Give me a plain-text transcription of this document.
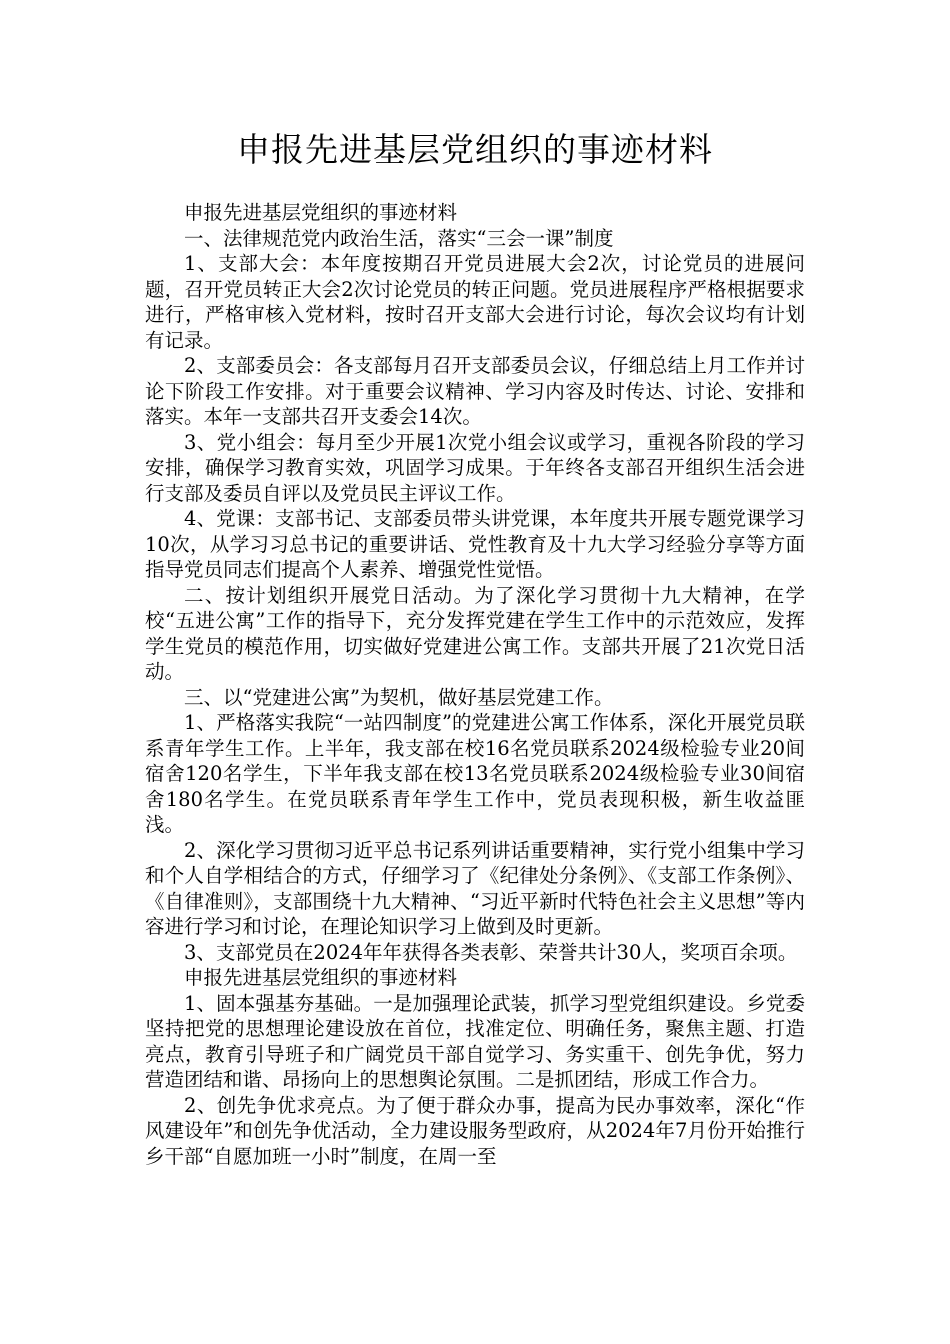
申报先进基层党组织的事迹材料

申报先进基层党组织的事迹材料

一、法律规范党内政治生活，落实“三会一课”制度

1、支部大会：本年度按期召开党员进展大会2次，讨论党员的进展问题，召开党员转正大会2次讨论党员的转正问题。党员进展程序严格根据要求进行，严格审核入党材料，按时召开支部大会进行讨论，每次会议均有计划有记录。

2、支部委员会：各支部每月召开支部委员会议，仔细总结上月工作并讨论下阶段工作安排。对于重要会议精神、学习内容及时传达、讨论、安排和落实。本年一支部共召开支委会14次。

3、党小组会：每月至少开展1次党小组会议或学习，重视各阶段的学习安排，确保学习教育实效，巩固学习成果。于年终各支部召开组织生活会进行支部及委员自评以及党员民主评议工作。

4、党课：支部书记、支部委员带头讲党课，本年度共开展专题党课学习10次，从学习习总书记的重要讲话、党性教育及十九大学习经验分享等方面指导党员同志们提高个人素养、增强党性觉悟。

二、按计划组织开展党日活动。为了深化学习贯彻十九大精神，在学校“五进公寓”工作的指导下，充分发挥党建在学生工作中的示范效应，发挥学生党员的模范作用，切实做好党建进公寓工作。支部共开展了21次党日活动。

三、以“党建进公寓”为契机，做好基层党建工作。

1、严格落实我院“一站四制度”的党建进公寓工作体系，深化开展党员联系青年学生工作。上半年，我支部在校16名党员联系2024级检验专业20间宿舍120名学生，下半年我支部在校13名党员联系2024级检验专业30间宿舍180名学生。在党员联系青年学生工作中，党员表现积极，新生收益匪浅。

2、深化学习贯彻习近平总书记系列讲话重要精神，实行党小组集中学习和个人自学相结合的方式，仔细学习了《纪律处分条例》、《支部工作条例》、《自律准则》，支部围绕十九大精神、“习近平新时代特色社会主义思想”等内容进行学习和讨论，在理论知识学习上做到及时更新。

3、支部党员在2024年年获得各类表彰、荣誉共计30人，奖项百余项。

申报先进基层党组织的事迹材料

1、固本强基夯基础。一是加强理论武装，抓学习型党组织建设。乡党委坚持把党的思想理论建设放在首位，找准定位、明确任务，聚焦主题、打造亮点，教育引导班子和广阔党员干部自觉学习、务实重干、创先争优，努力营造团结和谐、昂扬向上的思想舆论氛围。二是抓团结，形成工作合力。

2、创先争优求亮点。为了便于群众办事，提高为民办事效率，深化“作风建设年”和创先争优活动，全力建设服务型政府，从2024年7月份开始推行乡干部“自愿加班一小时”制度，在周一至
